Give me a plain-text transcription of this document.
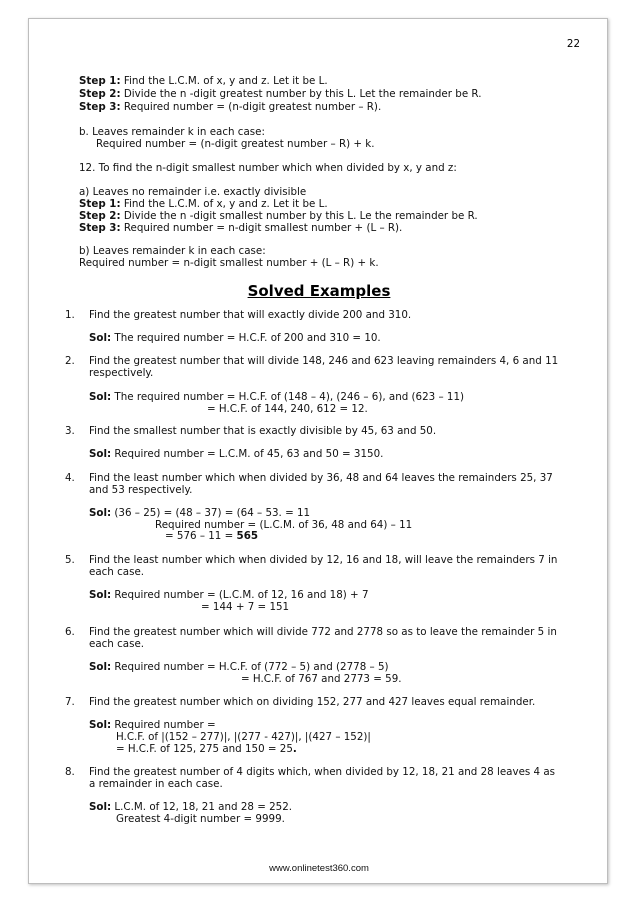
22
Step 1: Find the L.C.M. of x, y and z. Let it be L.
Step 2: Divide the n -digit greatest number by this L. Let the remainder be R.
Step 3: Required number = (n-digit greatest number – R).
b. Leaves remainder k in each case:
Required number = (n-digit greatest number – R) + k.
12. To find the n-digit smallest number which when divided by x, y and z:
a) Leaves no remainder i.e. exactly divisible
Step 1: Find the L.C.M. of x, y and z. Let it be L.
Step 2: Divide the n -digit smallest number by this L. Le the remainder be R.
Step 3: Required number = n-digit smallest number + (L – R).
b) Leaves remainder k in each case:
Required number = n-digit smallest number + (L – R) + k.
Solved Examples
1. Find the greatest number that will exactly divide 200 and 310.
Sol: The required number = H.C.F. of 200 and 310 = 10.
2. Find the greatest number that will divide 148, 246 and 623 leaving remainders 4, 6 and 11
respectively.
Sol: The required number = H.C.F. of (148 – 4), (246 – 6), and (623 – 11)
= H.C.F. of 144, 240, 612 = 12.
3. Find the smallest number that is exactly divisible by 45, 63 and 50.
Sol: Required number = L.C.M. of 45, 63 and 50 = 3150.
4. Find the least number which when divided by 36, 48 and 64 leaves the remainders 25, 37
and 53 respectively.
Sol: (36 – 25) = (48 – 37) = (64 – 53. = 11
Required number = (L.C.M. of 36, 48 and 64) – 11
= 576 – 11 = 565
5. Find the least number which when divided by 12, 16 and 18, will leave the remainders 7 in
each case.
Sol: Required number = (L.C.M. of 12, 16 and 18) + 7
= 144 + 7 = 151
6. Find the greatest number which will divide 772 and 2778 so as to leave the remainder 5 in
each case.
Sol: Required number = H.C.F. of (772 – 5) and (2778 – 5)
= H.C.F. of 767 and 2773 = 59.
7. Find the greatest number which on dividing 152, 277 and 427 leaves equal remainder.
Sol: Required number =
H.C.F. of |(152 – 277)|, |(277 - 427)|, |(427 – 152)|
= H.C.F. of 125, 275 and 150 = 25.
8. Find the greatest number of 4 digits which, when divided by 12, 18, 21 and 28 leaves 4 as
a remainder in each case.
Sol: L.C.M. of 12, 18, 21 and 28 = 252.
Greatest 4-digit number = 9999.
www.onlinetest360.com
